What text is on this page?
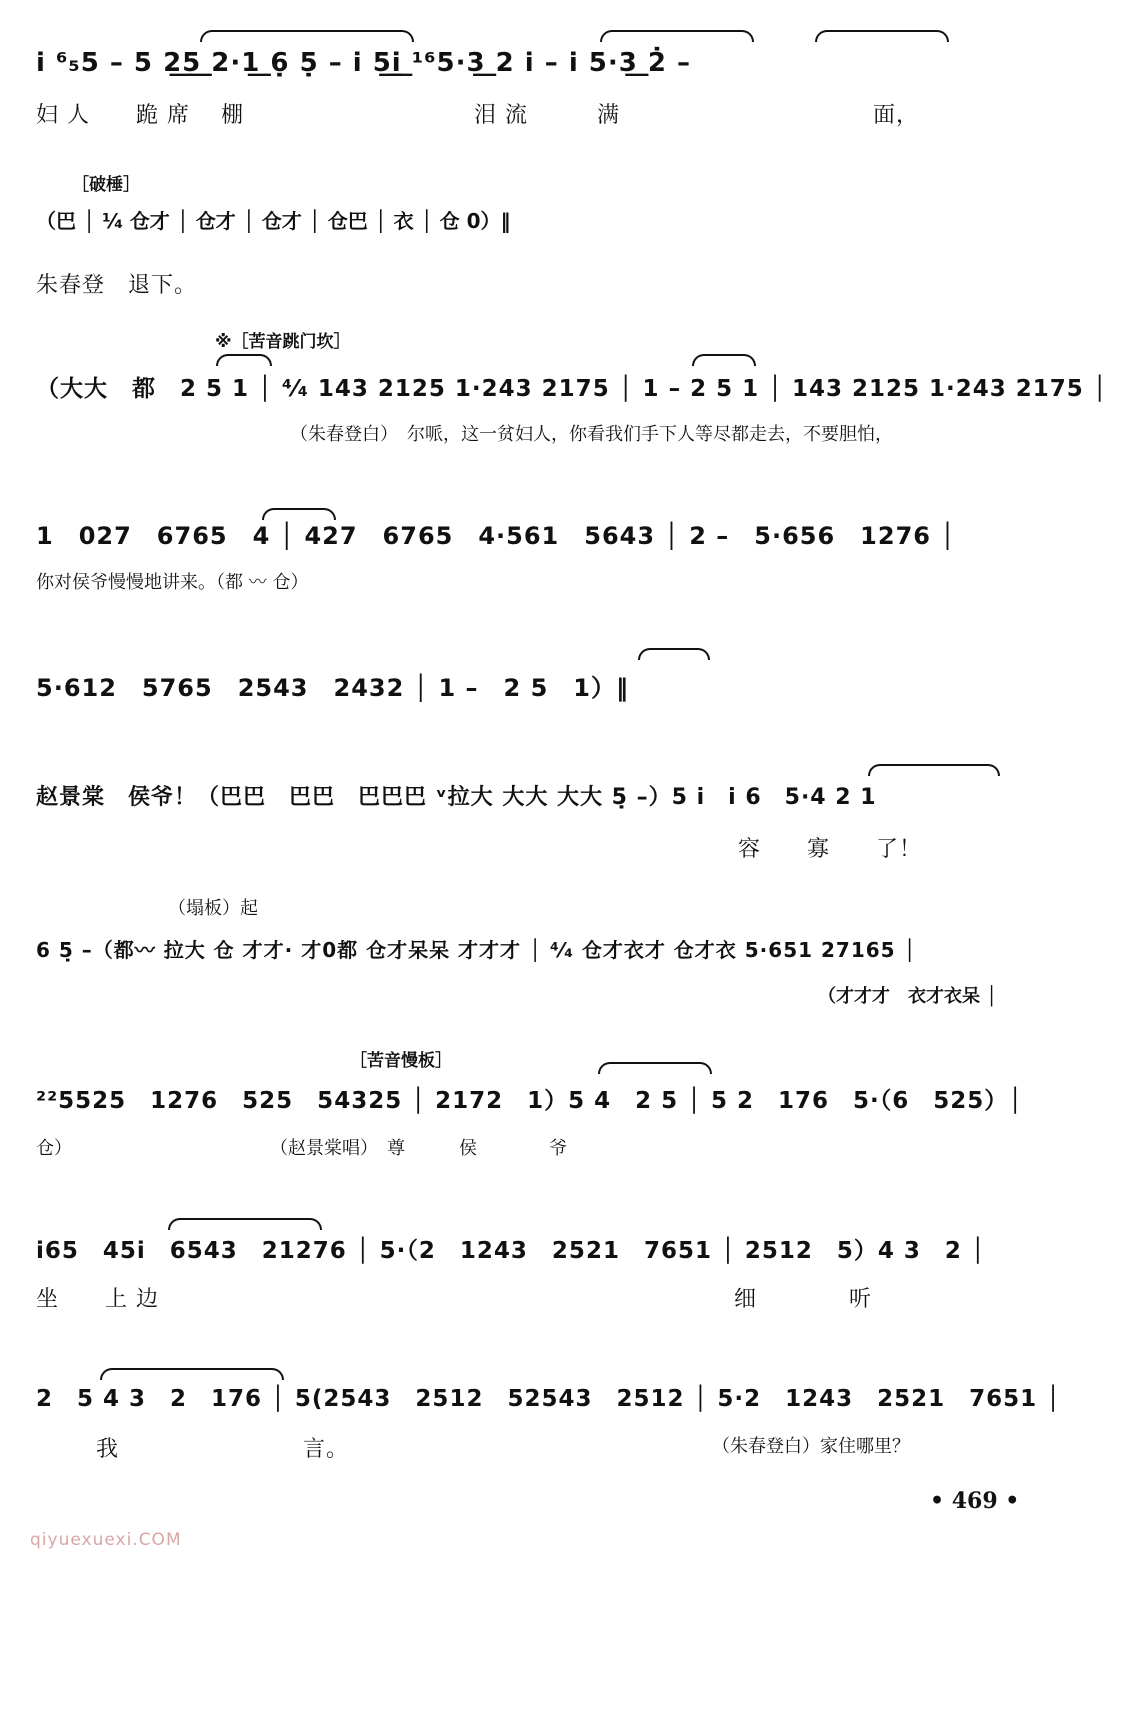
i ⁶₅5 – 5 2͟5͟ 2·1͟ 6̣ 5̣ – i 5͟i͟ ¹⁶5·3͟ 2 i – i 5·3͟ 2̇ –
妇 人　　跪 席　 棚　　　　　　　　　　泪 流　　　满　　　　　　　　　　　面，
［破棰］
（巴 │ ¹⁄₄ 仓才 │ 仓才 │ 仓才 │ 仓巴 │ 衣 │ 仓 0）‖
朱春登　退下。
※［苦音跳门坎］
（大大　都　2 5 1 │ ⁴⁄₄ 143 2125 1·243 2175 │ 1 – 2 5 1 │ 143 2125 1·243 2175 │
（朱春登白）　尔哌，这一贫妇人，你看我们手下人等尽都走去，不要胆怕，
1　027　6765　4 │ 427　6765　4·561　5643 │ 2 –　5·656　1276 │
你对侯爷慢慢地讲来。（都 〰 仓）
5·612　5765　2543　2432 │ 1 –　2 5　1）‖
赵景棠　侯爷！（巴巴　巴巴　巴巴巴 ᵛ拉大 大大 大大 5̣ –）5 i　i 6　5·4 2 1
容　　寡　　了！
（塌板）起
6 5̣ –（都〰 拉大 仓 才才· 才0都 仓才呆呆 才才才 │ ⁴⁄₄ 仓才衣才 仓才衣 5·651 27165 │
（才才才　衣才衣呆 │
［苦音慢板］
²²5525　1276　525　54325 │ 2172　1）5 4　2 5 │ 5 2　176　5·（6　525）│
仓）　　　　　　　　　　　　（赵景棠唱）　尊　　　侯　　　　爷
i65　45i　6543　21276 │ 5·（2　1243　2521　7651 │ 2512　5）4 3　2 │
坐　　上 边　　　　　　　　　　　　　　　　　　　　　　　　　细　　　　听
2　5 4 3　2　176 │ 5(2543　2512　52543　2512 │ 5·2　1243　2521　7651 │
我　　　　　　　　言。	（朱春登白）家住哪里？
• 469 •
qiyuexuexi.COM
